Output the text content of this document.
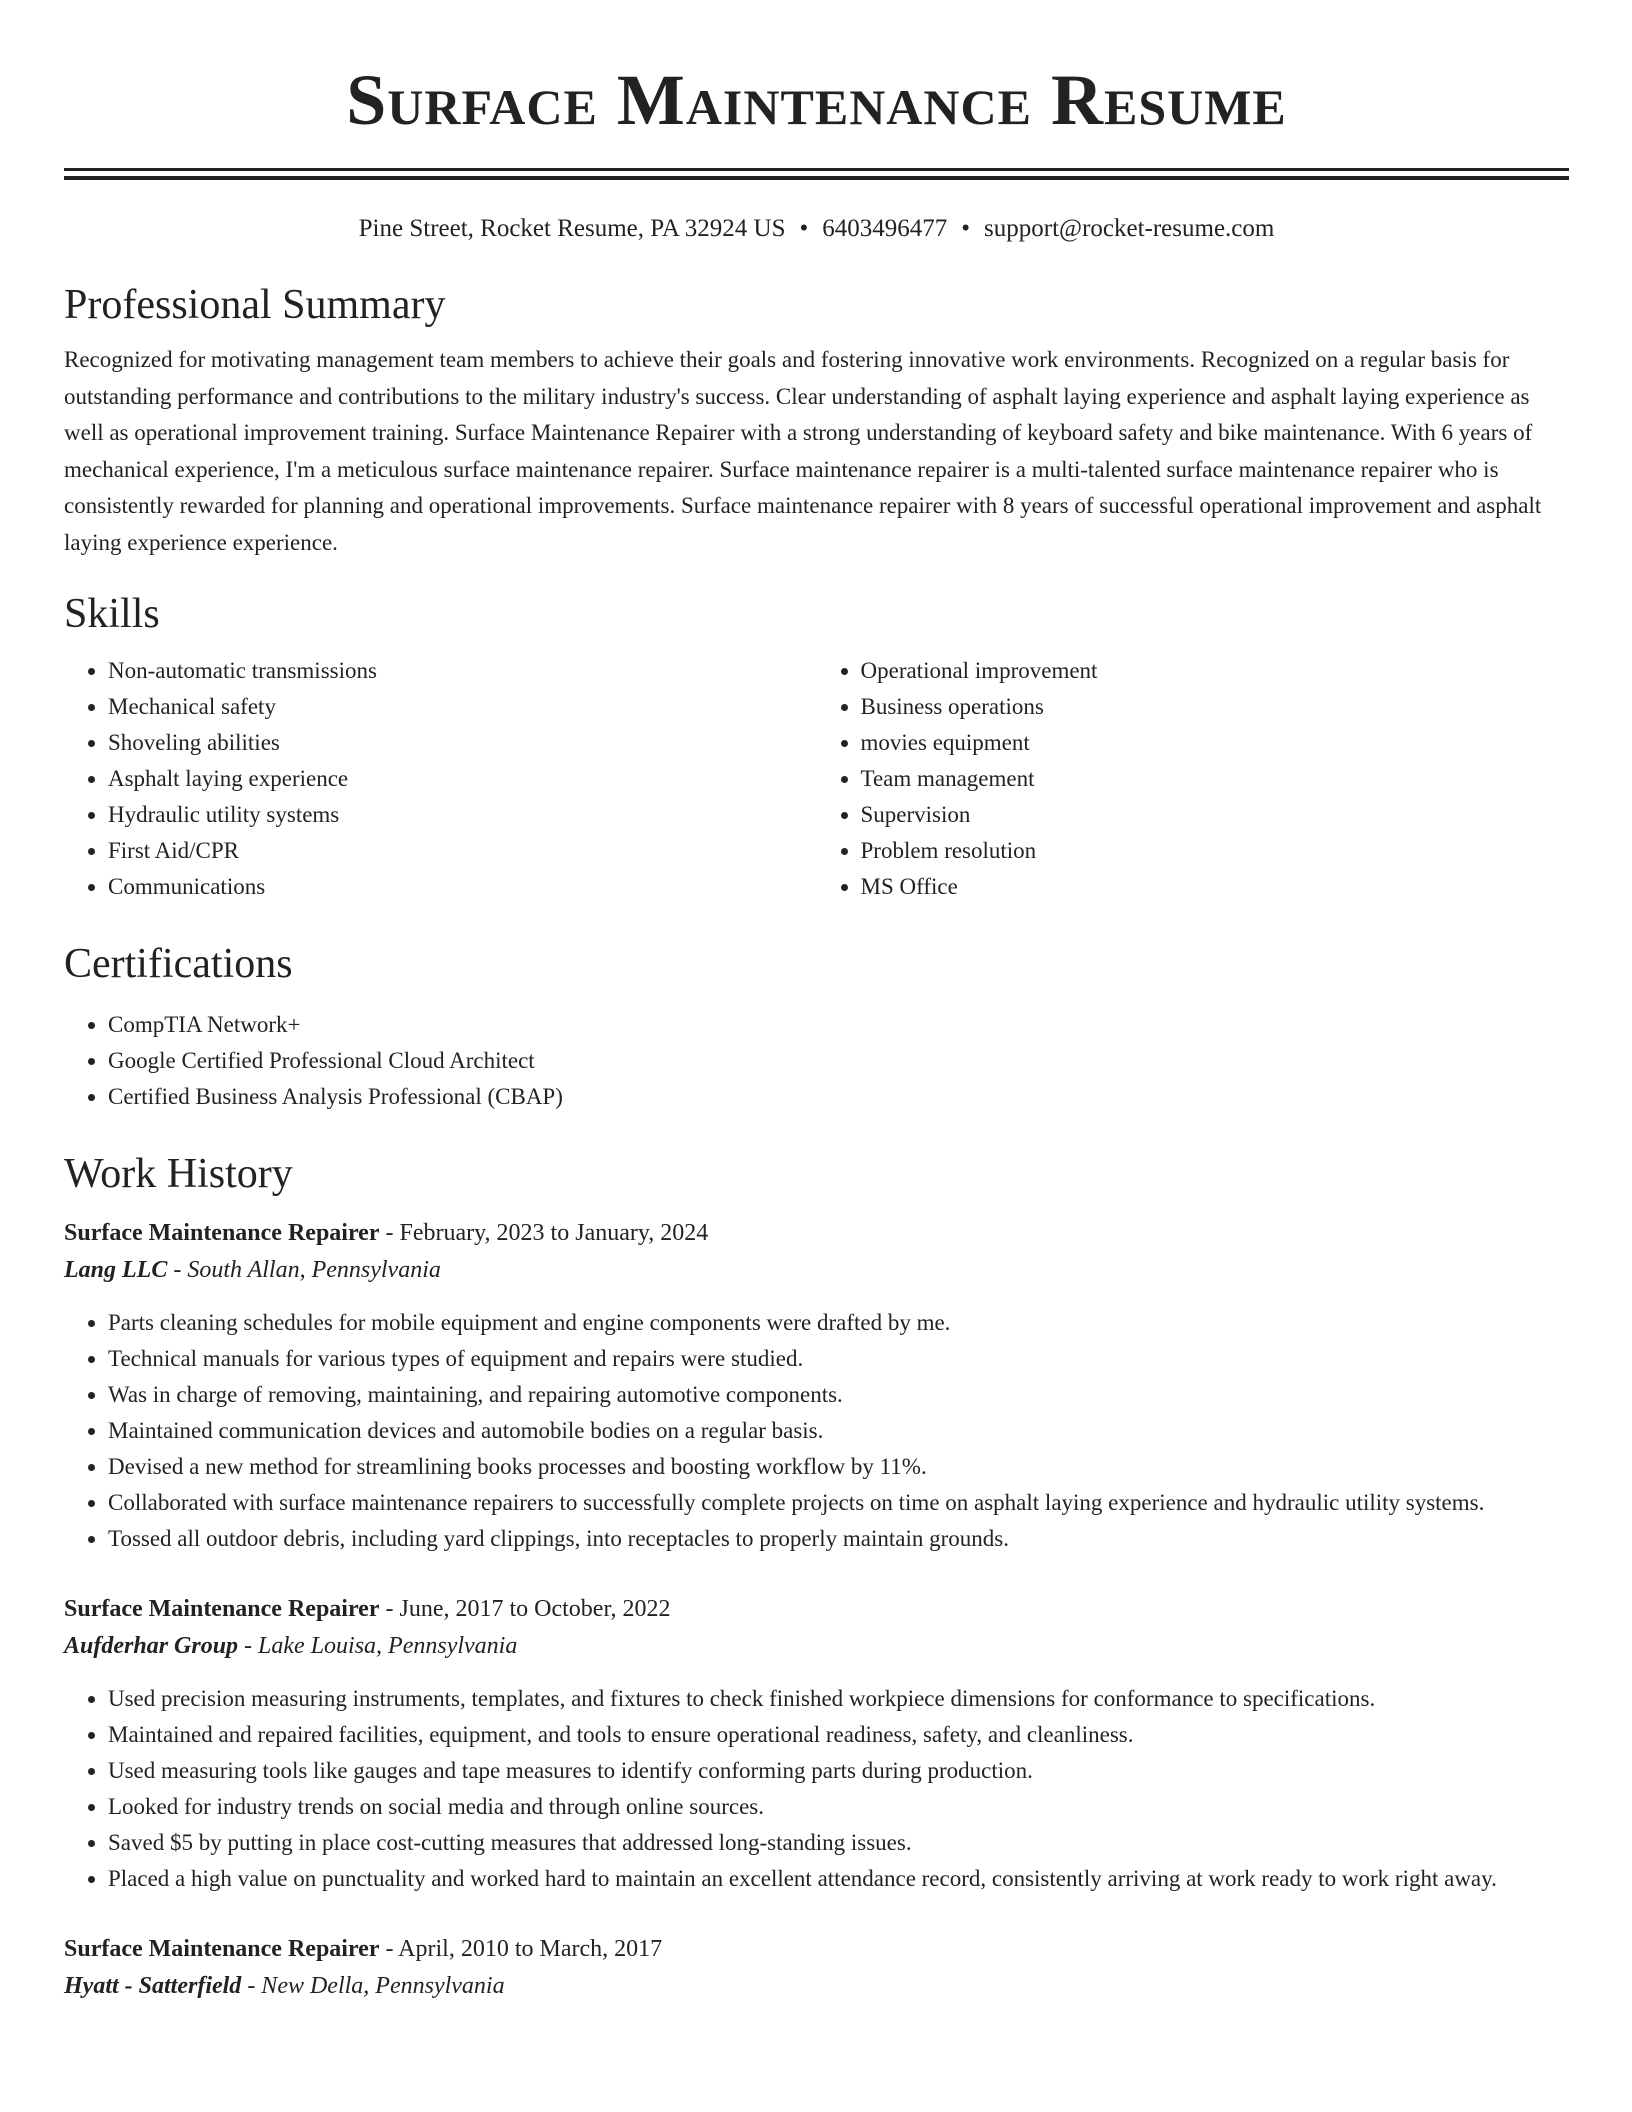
Surface Maintenance Resume
Pine Street, Rocket Resume, PA 32924 US • 6403496477 • support@rocket-resume.com
Professional Summary

Recognized for motivating management team members to achieve their goals and fostering innovative work environments. Recognized on a regular basis for outstanding performance and contributions to the military industry's success. Clear understanding of asphalt laying experience and asphalt laying experience as well as operational improvement training. Surface Maintenance Repairer with a strong understanding of keyboard safety and bike maintenance. With 6 years of mechanical experience, I'm a meticulous surface maintenance repairer. Surface maintenance repairer is a multi-talented surface maintenance repairer who is consistently rewarded for planning and operational improvements. Surface maintenance repairer with 8 years of successful operational improvement and asphalt laying experience experience.

Skills
• Non-automatic transmissions
• Mechanical safety
• Shoveling abilities
• Asphalt laying experience
• Hydraulic utility systems
• First Aid/CPR
• Communications
• Operational improvement
• Business operations
• movies equipment
• Team management
• Supervision
• Problem resolution
• MS Office
Certifications
• CompTIA Network+
• Google Certified Professional Cloud Architect
• Certified Business Analysis Professional (CBAP)
Work History
Surface Maintenance Repairer - February, 2023 to January, 2024
Lang LLC - South Allan, Pennsylvania
• Parts cleaning schedules for mobile equipment and engine components were drafted by me.
• Technical manuals for various types of equipment and repairs were studied.
• Was in charge of removing, maintaining, and repairing automotive components.
• Maintained communication devices and automobile bodies on a regular basis.
• Devised a new method for streamlining books processes and boosting workflow by 11%.
• Collaborated with surface maintenance repairers to successfully complete projects on time on asphalt laying experience and hydraulic utility systems.
• Tossed all outdoor debris, including yard clippings, into receptacles to properly maintain grounds.
Surface Maintenance Repairer - June, 2017 to October, 2022
Aufderhar Group - Lake Louisa, Pennsylvania
• Used precision measuring instruments, templates, and fixtures to check finished workpiece dimensions for conformance to specifications.
• Maintained and repaired facilities, equipment, and tools to ensure operational readiness, safety, and cleanliness.
• Used measuring tools like gauges and tape measures to identify conforming parts during production.
• Looked for industry trends on social media and through online sources.
• Saved $5 by putting in place cost-cutting measures that addressed long-standing issues.
• Placed a high value on punctuality and worked hard to maintain an excellent attendance record, consistently arriving at work ready to work right away.
Surface Maintenance Repairer - April, 2010 to March, 2017
Hyatt - Satterfield - New Della, Pennsylvania
